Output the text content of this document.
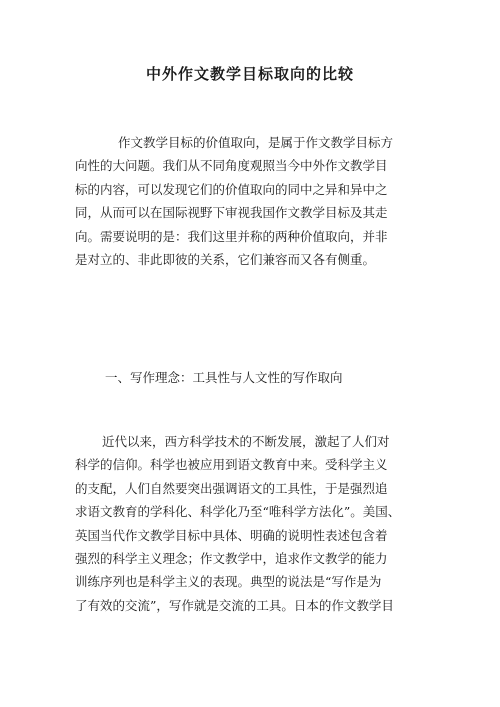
中外作文教学目标取向的比较

作文教学目标的价值取向，是属于作文教学目标方
向性的大问题。我们从不同角度观照当今中外作文教学目
标的内容，可以发现它们的价值取向的同中之异和异中之
同，从而可以在国际视野下审视我国作文教学目标及其走
向。需要说明的是：我们这里并称的两种价值取向，并非
是对立的、非此即彼的关系，它们兼容而又各有侧重。

一、写作理念：工具性与人文性的写作取向

近代以来，西方科学技术的不断发展，激起了人们对
科学的信仰。科学也被应用到语文教育中来。受科学主义
的支配，人们自然要突出强调语文的工具性，于是强烈追
求语文教育的学科化、科学化乃至“唯科学方法化”。美国、
英国当代作文教学目标中具体、明确的说明性表述包含着
强烈的科学主义理念；作文教学中，追求作文教学的能力
训练序列也是科学主义的表现。典型的说法是“写作是为
了有效的交流”，写作就是交流的工具。日本的作文教学目
